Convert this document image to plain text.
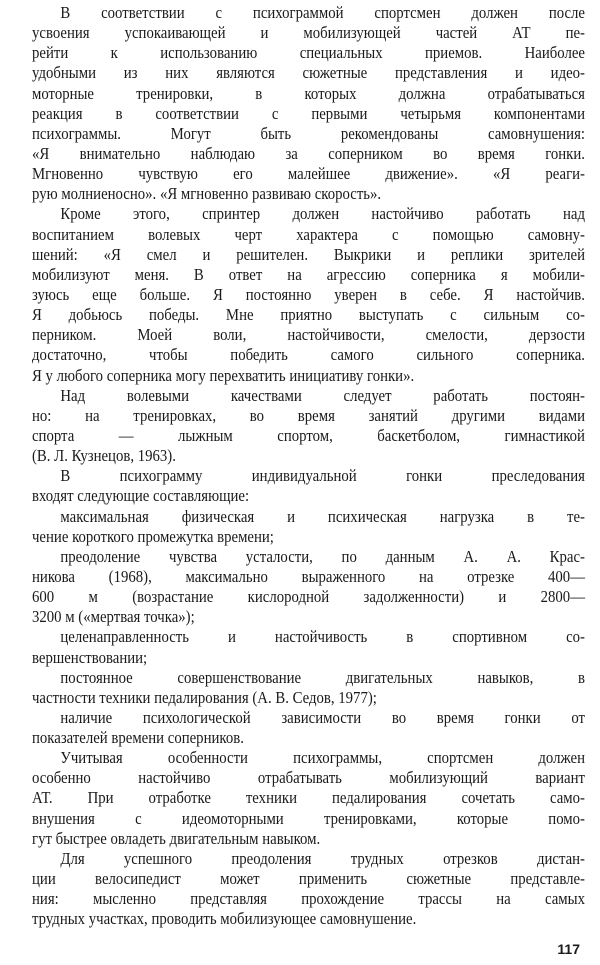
В соответствии с психограммой спортсмен должен после
усвоения успокаивающей и мобилизующей частей АТ пе-
рейти к использованию специальных приемов. Наиболее
удобными из них являются сюжетные представления и идео-
моторные тренировки, в которых должна отрабатываться
реакция в соответствии с первыми четырьмя компонентами
психограммы. Могут быть рекомендованы самовнушения:
«Я внимательно наблюдаю за соперником во время гонки.
Мгновенно чувствую его малейшее движение». «Я реаги-
рую молниеносно». «Я мгновенно развиваю скорость».
Кроме этого, спринтер должен настойчиво работать над
воспитанием волевых черт характера с помощью самовну-
шений: «Я смел и решителен. Выкрики и реплики зрителей
мобилизуют меня. В ответ на агрессию соперника я мобили-
зуюсь еще больше. Я постоянно уверен в себе. Я настойчив.
Я добьюсь победы. Мне приятно выступать с сильным со-
перником. Моей воли, настойчивости, смелости, дерзости
достаточно, чтобы победить самого сильного соперника.
Я у любого соперника могу перехватить инициативу гонки».
Над волевыми качествами следует работать постоян-
но: на тренировках, во время занятий другими видами
спорта — лыжным спортом, баскетболом, гимнастикой
(В. Л. Кузнецов, 1963).
В психограмму индивидуальной гонки преследования
входят следующие составляющие:
максимальная физическая и психическая нагрузка в те-
чение короткого промежутка времени;
преодоление чувства усталости, по данным А. А. Крас-
никова (1968), максимально выраженного на отрезке 400—
600 м (возрастание кислородной задолженности) и 2800—
3200 м («мертвая точка»);
целенаправленность и настойчивость в спортивном со-
вершенствовании;
постоянное совершенствование двигательных навыков, в
частности техники педалирования (А. В. Седов, 1977);
наличие психологической зависимости во время гонки от
показателей времени соперников.
Учитывая особенности психограммы, спортсмен должен
особенно настойчиво отрабатывать мобилизующий вариант
АТ. При отработке техники педалирования сочетать само-
внушения с идеомоторными тренировками, которые помо-
гут быстрее овладеть двигательным навыком.
Для успешного преодоления трудных отрезков дистан-
ции велосипедист может применить сюжетные представле-
ния: мысленно представляя прохождение трассы на самых
трудных участках, проводить мобилизующее самовнушение.
117
